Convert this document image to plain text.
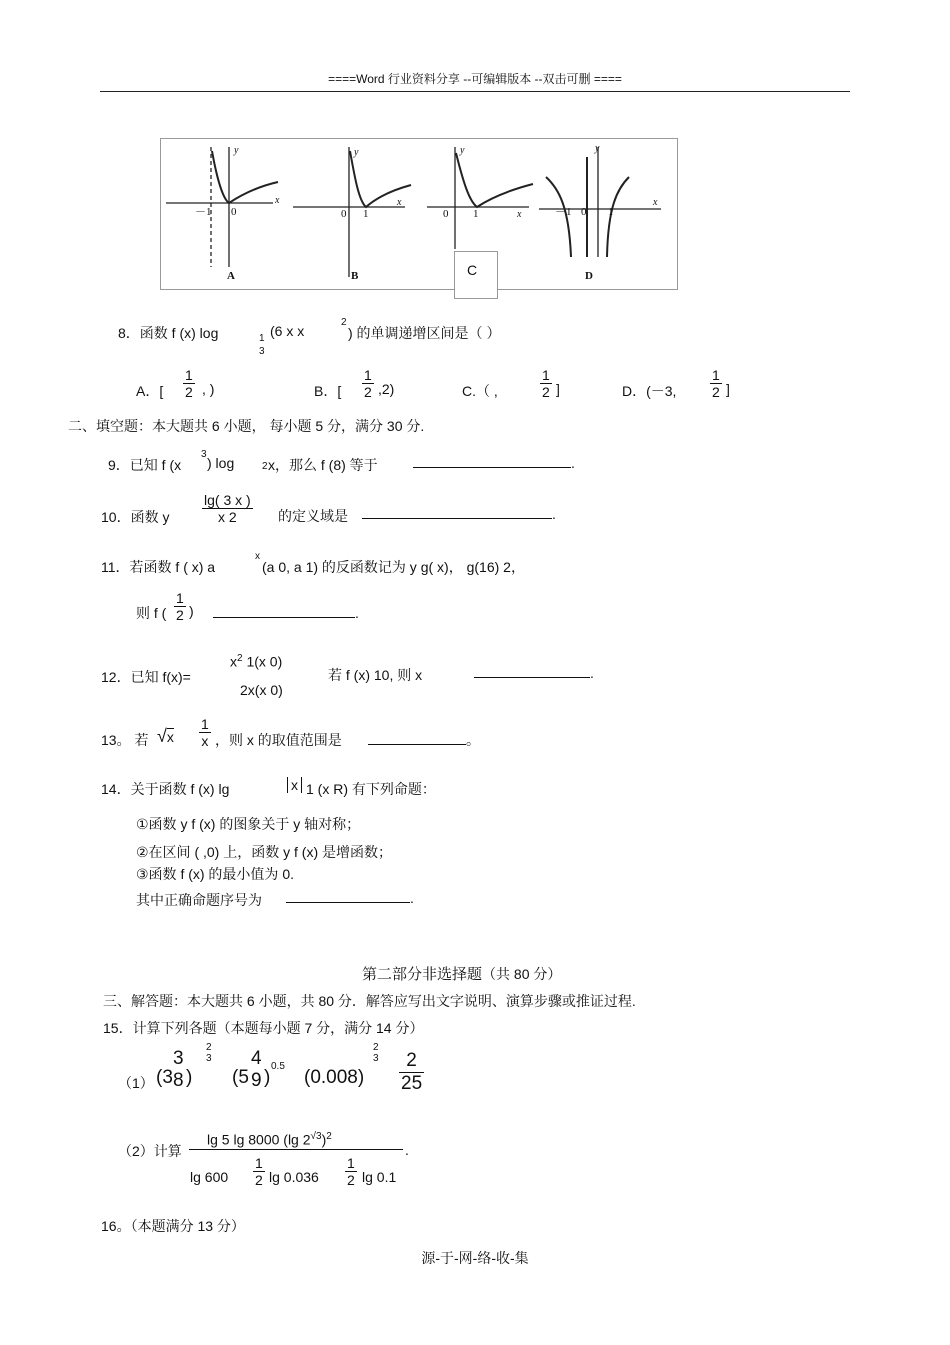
====Word 行业资料分享 --可编辑版本 --双击可删 ====
y
x
y
x
y
x
y
x
－1 0	0 1	0 1	－1 0 1
A	B	D
C
8．函数 f (x) log	1
3
(6 x x
2
) 的单调递增区间是（ ）
A．[ $\frac{1}{2}$ , )	B．[ $\frac{1}{2} ,2$)	C.（ ,	$\frac{1}{2}$ ]	D．(－3, $\frac{1}{2}$ ]
二、填空题：本大题共 6 小题， 每小题 5 分，满分 30 分.
9．已知 f (x
3
) log	2 x，那么 f (8) 等于	.
10．函数 y $\frac{\lg( 3 x )}{x 2}$ 的定义域是	.
11．若函数 f ( x) a
x
(a 0, a 1) 的反函数记为 y g( x)， g(16) 2，
则 f ( $\frac{1}{2}$ )	.
12．已知 f(x)=
$x^2$ 1(x 0)
2x(x 0)
若 f (x) 10, 则 x	.
13。 若 $√x \frac{1}{x}$ ，则 x 的取值范围是	。
14．关于函数 f (x) lg	x 1 (x R) 有下列命题：
①函数 y f (x) 的图象关于 y 轴对称；
②在区间 ( ,0) 上，函数 y f (x) 是增函数；
③函数 f (x) 的最小值为 0.
其中正确命题序号为	.
第二部分非选择题（共 80 分）
三、解答题：本大题共 6 小题，共 80 分．解答应写出文字说明、演算步骤或推证过程.
15．计算下列各题（本题每小题 7 分，满分 14 分）
（1） (3
3
8 )
2
3
(5
4
9 )
0.5
(0.008)
2
$3 \frac{2}{25}$
（2）计算
lg 5 lg 8000 (lg $2^{√3})^2$
$\lg 600 \frac{1}{2}$ $\lg 0.036 \frac{1}{2}$ lg 0.1
.
16。（本题满分 13 分）
源-于-网-络-收-集
